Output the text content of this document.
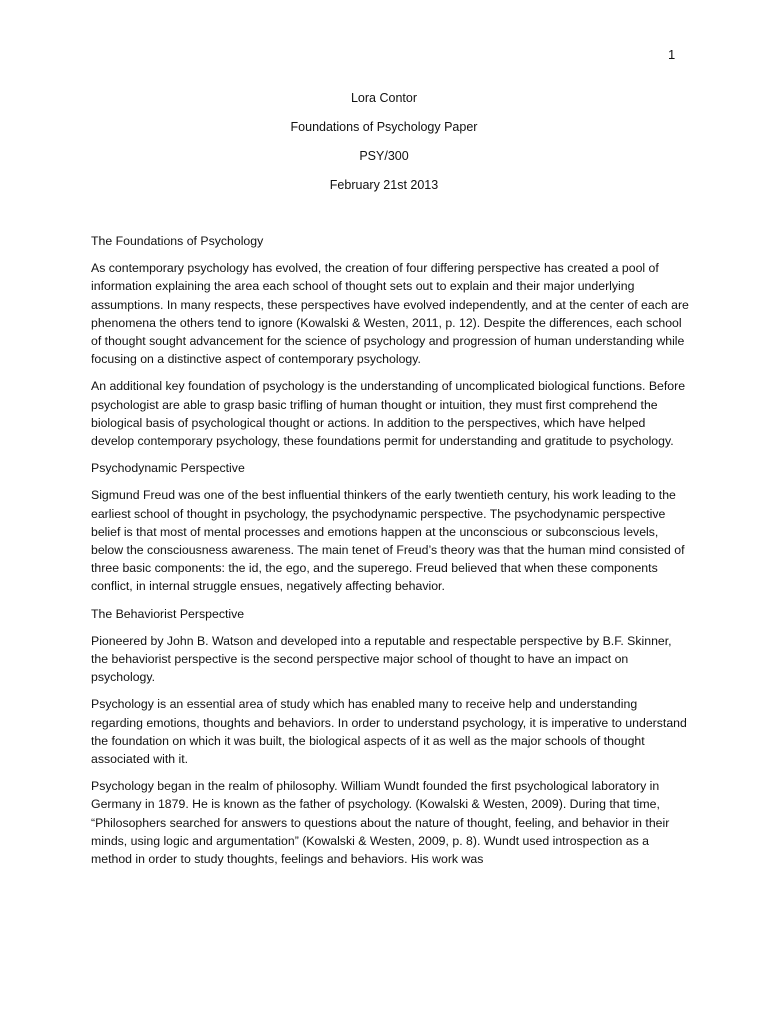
1
Lora Contor
Foundations of Psychology Paper
PSY/300
February 21st 2013
The Foundations of Psychology

As contemporary psychology has evolved, the creation of four differing perspective has created a pool of information explaining the area each school of thought sets out to explain and their major underlying assumptions. In many respects, these perspectives have evolved independently, and at the center of each are phenomena the others tend to ignore (Kowalski & Westen, 2011, p. 12). Despite the differences, each school of thought sought advancement for the science of psychology and progression of human understanding while focusing on a distinctive aspect of contemporary psychology.

An additional key foundation of psychology is the understanding of uncomplicated biological functions. Before psychologist are able to grasp basic trifling of human thought or intuition, they must first comprehend the biological basis of psychological thought or actions. In addition to the perspectives, which have helped develop contemporary psychology, these foundations permit for understanding and gratitude to psychology.

Psychodynamic Perspective

Sigmund Freud was one of the best influential thinkers of the early twentieth century, his work leading to the earliest school of thought in psychology, the psychodynamic perspective. The psychodynamic perspective belief is that most of mental processes and emotions happen at the unconscious or subconscious levels, below the consciousness awareness. The main tenet of Freud’s theory was that the human mind consisted of three basic components: the id, the ego, and the superego. Freud believed that when these components conflict, in internal struggle ensues, negatively affecting behavior.

The Behaviorist Perspective

Pioneered by John B. Watson and developed into a reputable and respectable perspective by B.F. Skinner, the behaviorist perspective is the second perspective major school of thought to have an impact on psychology.

Psychology is an essential area of study which has enabled many to receive help and understanding regarding emotions, thoughts and behaviors. In order to understand psychology, it is imperative to understand the foundation on which it was built, the biological aspects of it as well as the major schools of thought associated with it.

Psychology began in the realm of philosophy. William Wundt founded the first psychological laboratory in Germany in 1879. He is known as the father of psychology. (Kowalski & Westen, 2009). During that time, “Philosophers searched for answers to questions about the nature of thought, feeling, and behavior in their minds, using logic and argumentation” (Kowalski & Westen, 2009, p. 8). Wundt used introspection as a method in order to study thoughts, feelings and behaviors. His work was
